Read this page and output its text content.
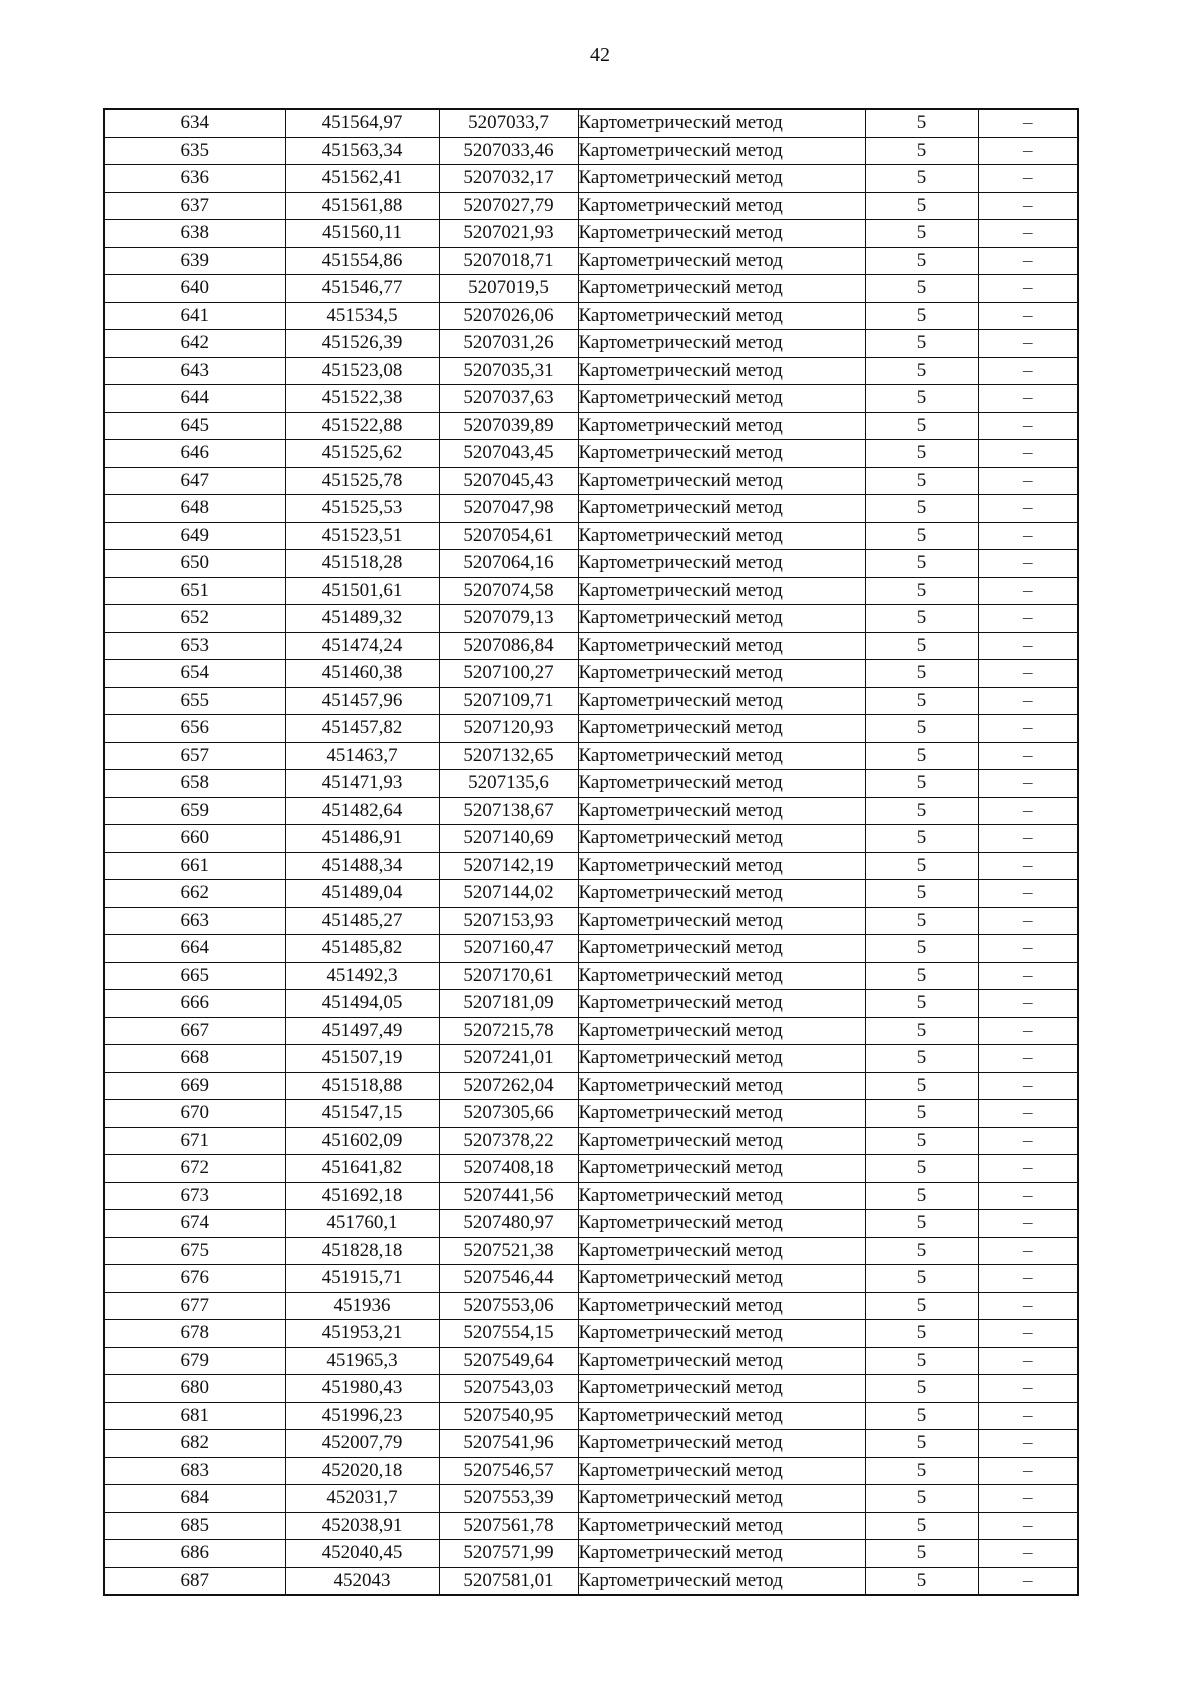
42
634	451564,97	5207033,7	Картометрический метод	5	–
635	451563,34	5207033,46	Картометрический метод	5	–
636	451562,41	5207032,17	Картометрический метод	5	–
637	451561,88	5207027,79	Картометрический метод	5	–
638	451560,11	5207021,93	Картометрический метод	5	–
639	451554,86	5207018,71	Картометрический метод	5	–
640	451546,77	5207019,5	Картометрический метод	5	–
641	451534,5	5207026,06	Картометрический метод	5	–
642	451526,39	5207031,26	Картометрический метод	5	–
643	451523,08	5207035,31	Картометрический метод	5	–
644	451522,38	5207037,63	Картометрический метод	5	–
645	451522,88	5207039,89	Картометрический метод	5	–
646	451525,62	5207043,45	Картометрический метод	5	–
647	451525,78	5207045,43	Картометрический метод	5	–
648	451525,53	5207047,98	Картометрический метод	5	–
649	451523,51	5207054,61	Картометрический метод	5	–
650	451518,28	5207064,16	Картометрический метод	5	–
651	451501,61	5207074,58	Картометрический метод	5	–
652	451489,32	5207079,13	Картометрический метод	5	–
653	451474,24	5207086,84	Картометрический метод	5	–
654	451460,38	5207100,27	Картометрический метод	5	–
655	451457,96	5207109,71	Картометрический метод	5	–
656	451457,82	5207120,93	Картометрический метод	5	–
657	451463,7	5207132,65	Картометрический метод	5	–
658	451471,93	5207135,6	Картометрический метод	5	–
659	451482,64	5207138,67	Картометрический метод	5	–
660	451486,91	5207140,69	Картометрический метод	5	–
661	451488,34	5207142,19	Картометрический метод	5	–
662	451489,04	5207144,02	Картометрический метод	5	–
663	451485,27	5207153,93	Картометрический метод	5	–
664	451485,82	5207160,47	Картометрический метод	5	–
665	451492,3	5207170,61	Картометрический метод	5	–
666	451494,05	5207181,09	Картометрический метод	5	–
667	451497,49	5207215,78	Картометрический метод	5	–
668	451507,19	5207241,01	Картометрический метод	5	–
669	451518,88	5207262,04	Картометрический метод	5	–
670	451547,15	5207305,66	Картометрический метод	5	–
671	451602,09	5207378,22	Картометрический метод	5	–
672	451641,82	5207408,18	Картометрический метод	5	–
673	451692,18	5207441,56	Картометрический метод	5	–
674	451760,1	5207480,97	Картометрический метод	5	–
675	451828,18	5207521,38	Картометрический метод	5	–
676	451915,71	5207546,44	Картометрический метод	5	–
677	451936	5207553,06	Картометрический метод	5	–
678	451953,21	5207554,15	Картометрический метод	5	–
679	451965,3	5207549,64	Картометрический метод	5	–
680	451980,43	5207543,03	Картометрический метод	5	–
681	451996,23	5207540,95	Картометрический метод	5	–
682	452007,79	5207541,96	Картометрический метод	5	–
683	452020,18	5207546,57	Картометрический метод	5	–
684	452031,7	5207553,39	Картометрический метод	5	–
685	452038,91	5207561,78	Картометрический метод	5	–
686	452040,45	5207571,99	Картометрический метод	5	–
687	452043	5207581,01	Картометрический метод	5	–
